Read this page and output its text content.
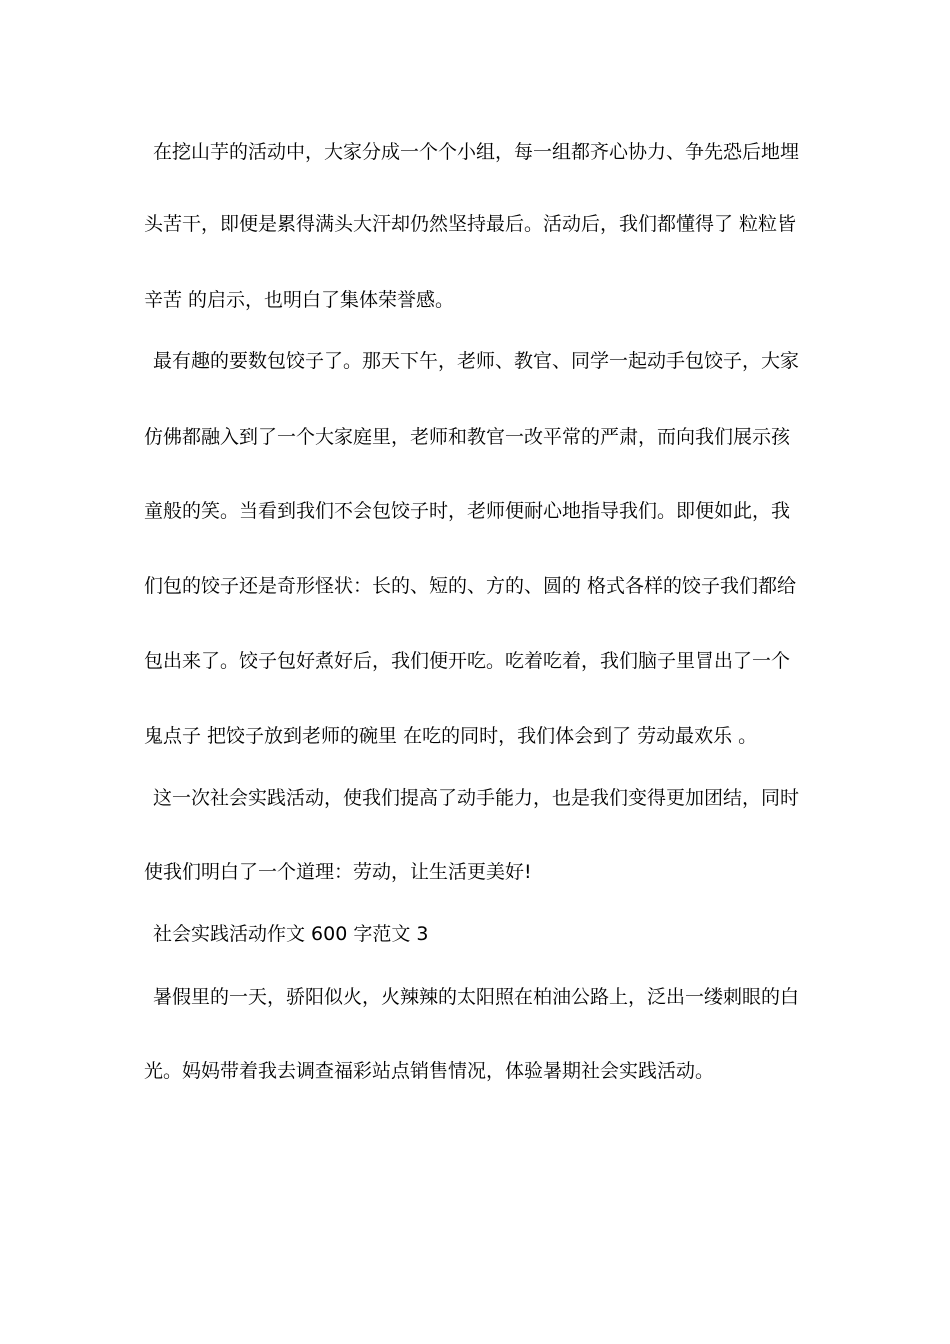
在挖山芋的活动中，大家分成一个个小组，每一组都齐心协力、争先恐后地埋
头苦干，即便是累得满头大汗却仍然坚持最后。活动后，我们都懂得了 粒粒皆
辛苦 的启示，也明白了集体荣誉感。
最有趣的要数包饺子了。那天下午，老师、教官、同学一起动手包饺子，大家
仿佛都融入到了一个大家庭里，老师和教官一改平常的严肃，而向我们展示孩
童般的笑。当看到我们不会包饺子时，老师便耐心地指导我们。即便如此，我
们包的饺子还是奇形怪状：长的、短的、方的、圆的 格式各样的饺子我们都给
包出来了。饺子包好煮好后，我们便开吃。吃着吃着，我们脑子里冒出了一个
鬼点子 把饺子放到老师的碗里 在吃的同时，我们体会到了 劳动最欢乐 。
这一次社会实践活动，使我们提高了动手能力，也是我们变得更加团结，同时
使我们明白了一个道理：劳动，让生活更美好!
社会实践活动作文 600 字范文 3
暑假里的一天，骄阳似火，火辣辣的太阳照在柏油公路上，泛出一缕刺眼的白
光。妈妈带着我去调查福彩站点销售情况，体验暑期社会实践活动。
